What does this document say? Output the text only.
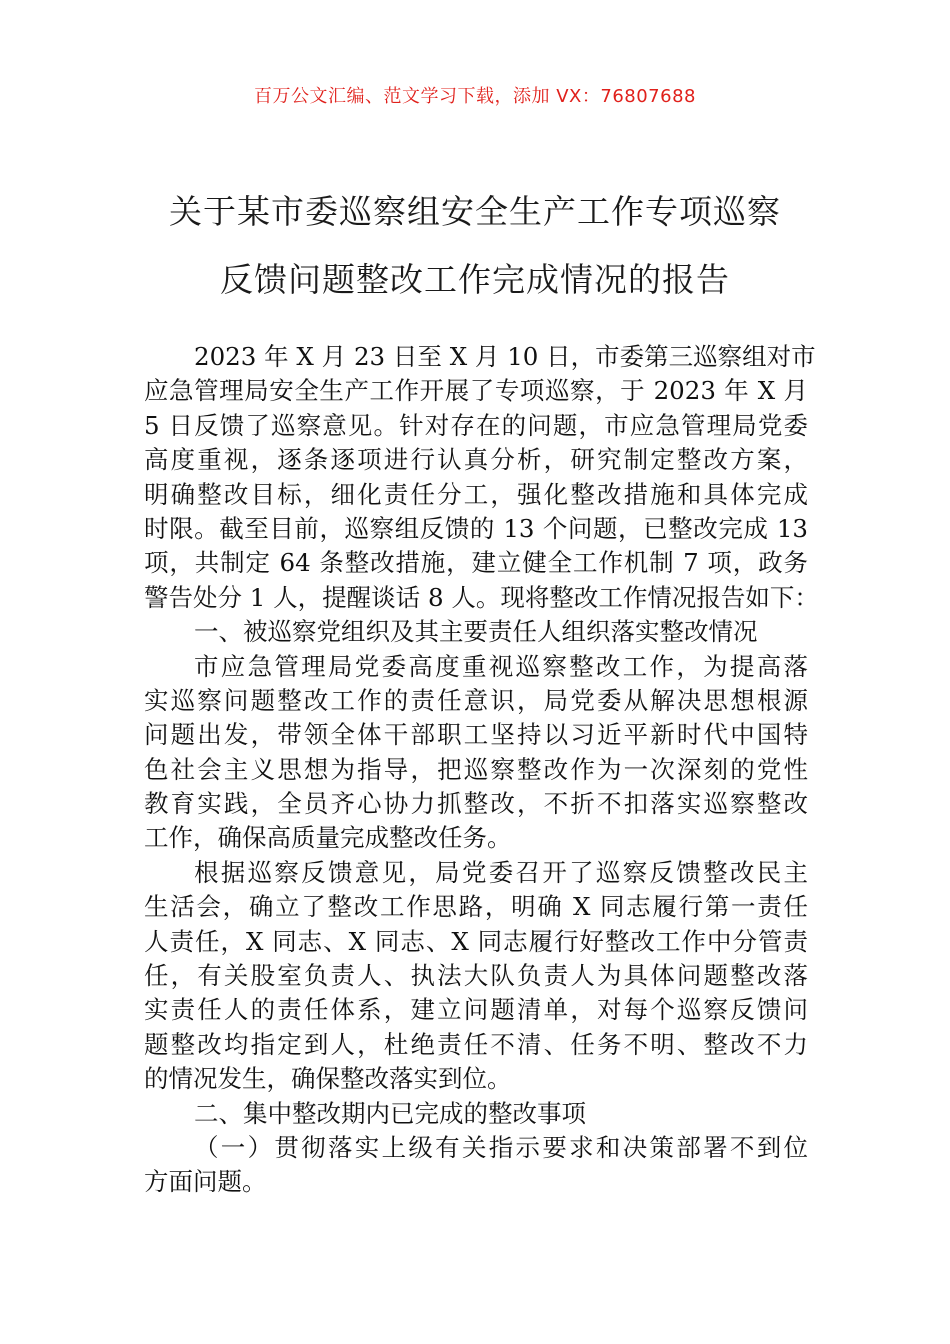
百万公文汇编、范文学习下载，添加 VX：76807688
关于某市委巡察组安全生产工作专项巡察
反馈问题整改工作完成情况的报告
2023 年 X 月 23 日至 X 月 10 日，市委第三巡察组对市
应急管理局安全生产工作开展了专项巡察，于 2023 年 X 月
5 日反馈了巡察意见。针对存在的问题，市应急管理局党委
高度重视，逐条逐项进行认真分析，研究制定整改方案，
明确整改目标，细化责任分工，强化整改措施和具体完成
时限。截至目前，巡察组反馈的 13 个问题，已整改完成 13
项，共制定 64 条整改措施，建立健全工作机制 7 项，政务
警告处分 1 人，提醒谈话 8 人。现将整改工作情况报告如下：
一、被巡察党组织及其主要责任人组织落实整改情况
市应急管理局党委高度重视巡察整改工作，为提高落
实巡察问题整改工作的责任意识，局党委从解决思想根源
问题出发，带领全体干部职工坚持以习近平新时代中国特
色社会主义思想为指导，把巡察整改作为一次深刻的党性
教育实践，全员齐心协力抓整改，不折不扣落实巡察整改
工作，确保高质量完成整改任务。
根据巡察反馈意见，局党委召开了巡察反馈整改民主
生活会，确立了整改工作思路，明确 X 同志履行第一责任
人责任，X 同志、X 同志、X 同志履行好整改工作中分管责
任，有关股室负责人、执法大队负责人为具体问题整改落
实责任人的责任体系，建立问题清单，对每个巡察反馈问
题整改均指定到人，杜绝责任不清、任务不明、整改不力
的情况发生，确保整改落实到位。
二、集中整改期内已完成的整改事项
（一）贯彻落实上级有关指示要求和决策部署不到位
方面问题。
